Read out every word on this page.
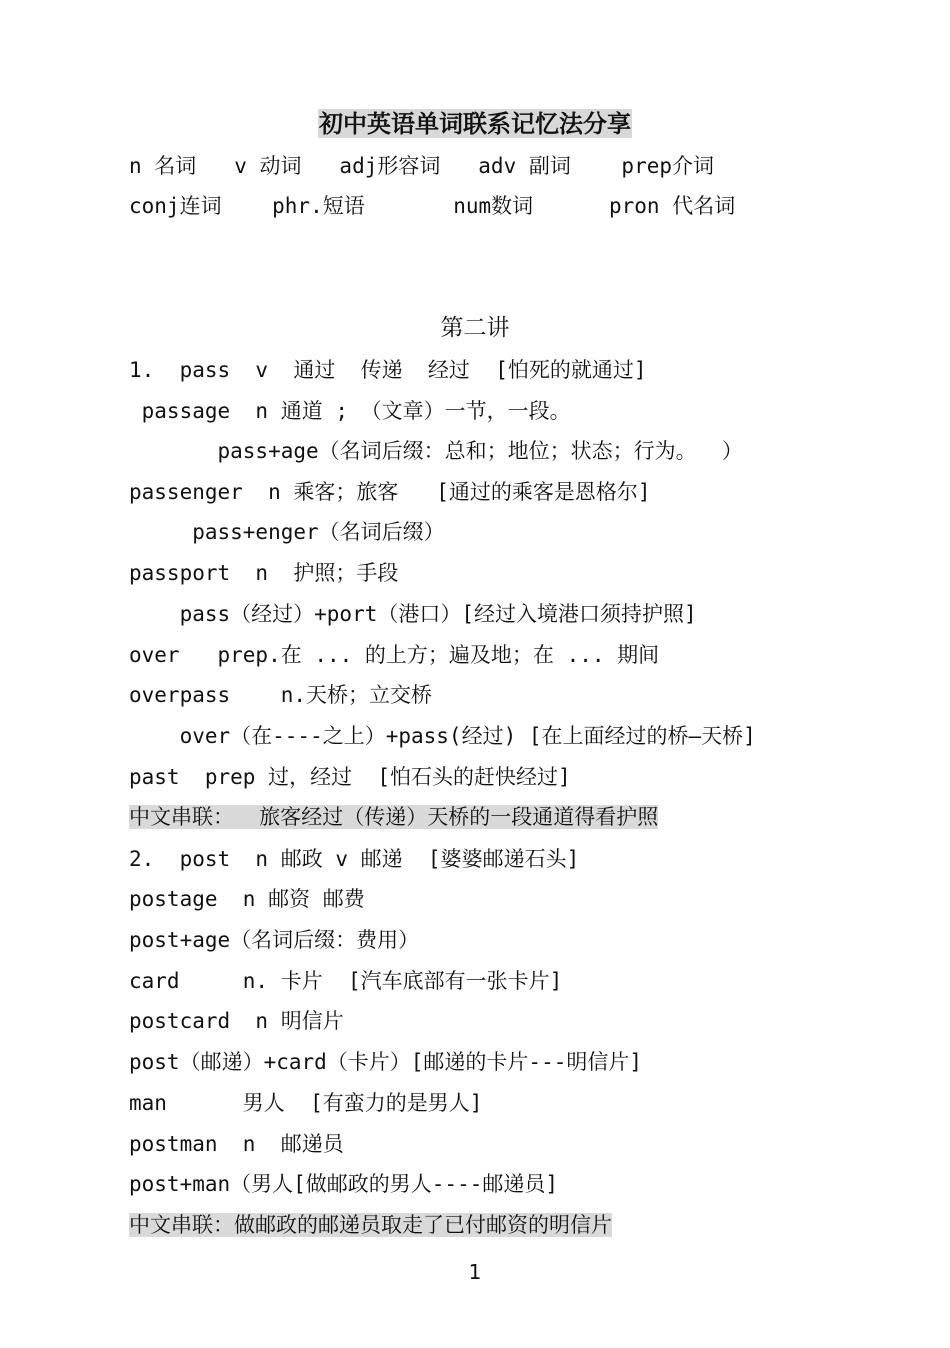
初中英语单词联系记忆法分享
n 名词   v 动词   adj形容词   adv 副词    prep介词
conj连词    phr.短语       num数词      pron 代名词
第二讲
1.  pass  v  通过  传递  经过  [怕死的就通过]
passage  n 通道 ; （文章）一节，一段。
pass+age（名词后缀：总和；地位；状态；行为。  ）
passenger  n 乘客；旅客   [通过的乘客是恩格尔]
pass+enger（名词后缀）
passport  n  护照；手段
pass（经过）+port（港口）[经过入境港口须持护照]
over   prep.在 ... 的上方；遍及地；在 ... 期间
overpass    n.天桥；立交桥
over（在----之上）+pass(经过) [在上面经过的桥—天桥]
past  prep 过，经过  [怕石头的赶快经过]
中文串联：  旅客经过（传递）天桥的一段通道得看护照
2.  post  n 邮政 v 邮递  [婆婆邮递石头]
postage  n 邮资 邮费
post+age（名词后缀：费用）
card     n. 卡片  [汽车底部有一张卡片]
postcard  n 明信片
post（邮递）+card（卡片）[邮递的卡片---明信片]
man      男人  [有蛮力的是男人]
postman  n  邮递员
post+man（男人[做邮政的男人----邮递员]
中文串联：做邮政的邮递员取走了已付邮资的明信片
1
